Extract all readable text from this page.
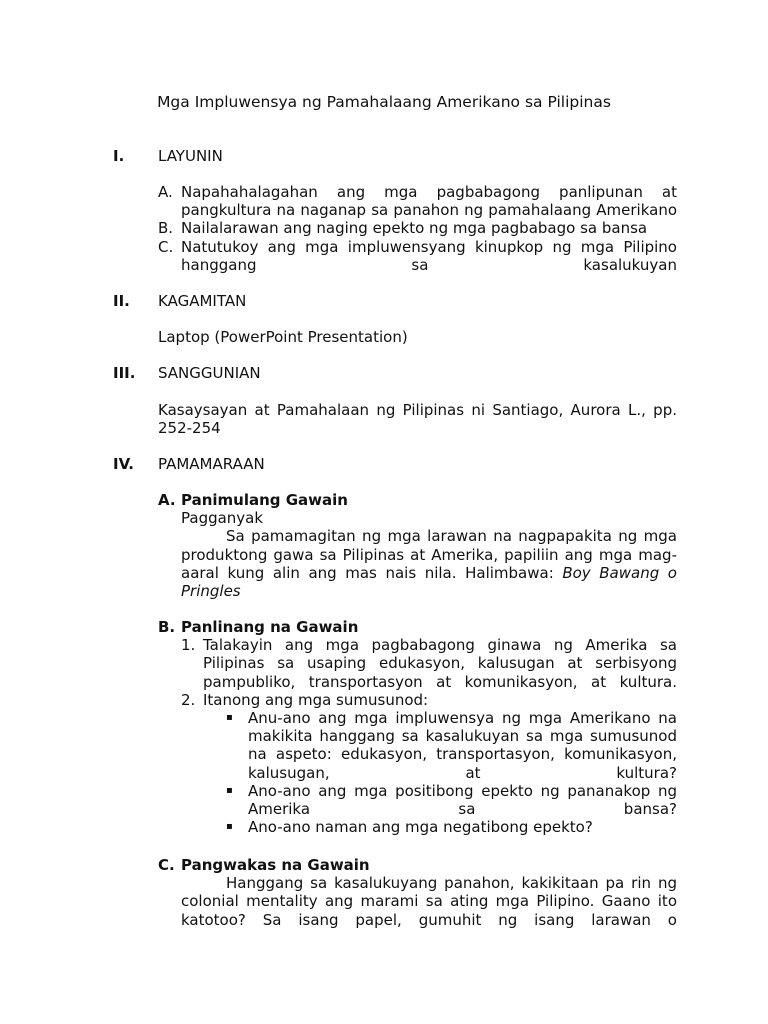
Mga Impluwensya ng Pamahalaang Amerikano sa Pilipinas
I. LAYUNIN
A. Napahahalagahan ang mga pagbabagong panlipunan at pangkultura na naganap sa panahon ng pamahalaang Amerikano
B. Nailalarawan ang naging epekto ng mga pagbabago sa bansa
C. Natutukoy ang mga impluwensyang kinupkop ng mga Pilipino hanggang sa kasalukuyan
II. KAGAMITAN
Laptop (PowerPoint Presentation)
III. SANGGUNIAN
Kasaysayan at Pamahalaan ng Pilipinas ni Santiago, Aurora L., pp. 252-254
IV. PAMAMARAAN
A. Panimulang Gawain
Pagganyak
Sa pamamagitan ng mga larawan na nagpapakita ng mga produktong gawa sa Pilipinas at Amerika, papiliin ang mga mag-aaral kung alin ang mas nais nila. Halimbawa: Boy Bawang o Pringles
B. Panlinang na Gawain
1. Talakayin ang mga pagbabagong ginawa ng Amerika sa Pilipinas sa usaping edukasyon, kalusugan at serbisyong pampubliko, transportasyon at komunikasyon, at kultura.
2. Itanong ang mga sumusunod:
▪	Anu-ano ang mga impluwensya ng mga Amerikano na makikita hanggang sa kasalukuyan sa mga sumusunod na aspeto: edukasyon, transportasyon, komunikasyon, kalusugan, at kultura?
▪	Ano-ano ang mga positibong epekto ng pananakop ng Amerika sa bansa?
▪	Ano-ano naman ang mga negatibong epekto?
C. Pangwakas na Gawain
Hanggang sa kasalukuyang panahon, kakikitaan pa rin ng colonial mentality ang marami sa ating mga Pilipino. Gaano ito katotoo? Sa isang papel, gumuhit ng isang larawan o
